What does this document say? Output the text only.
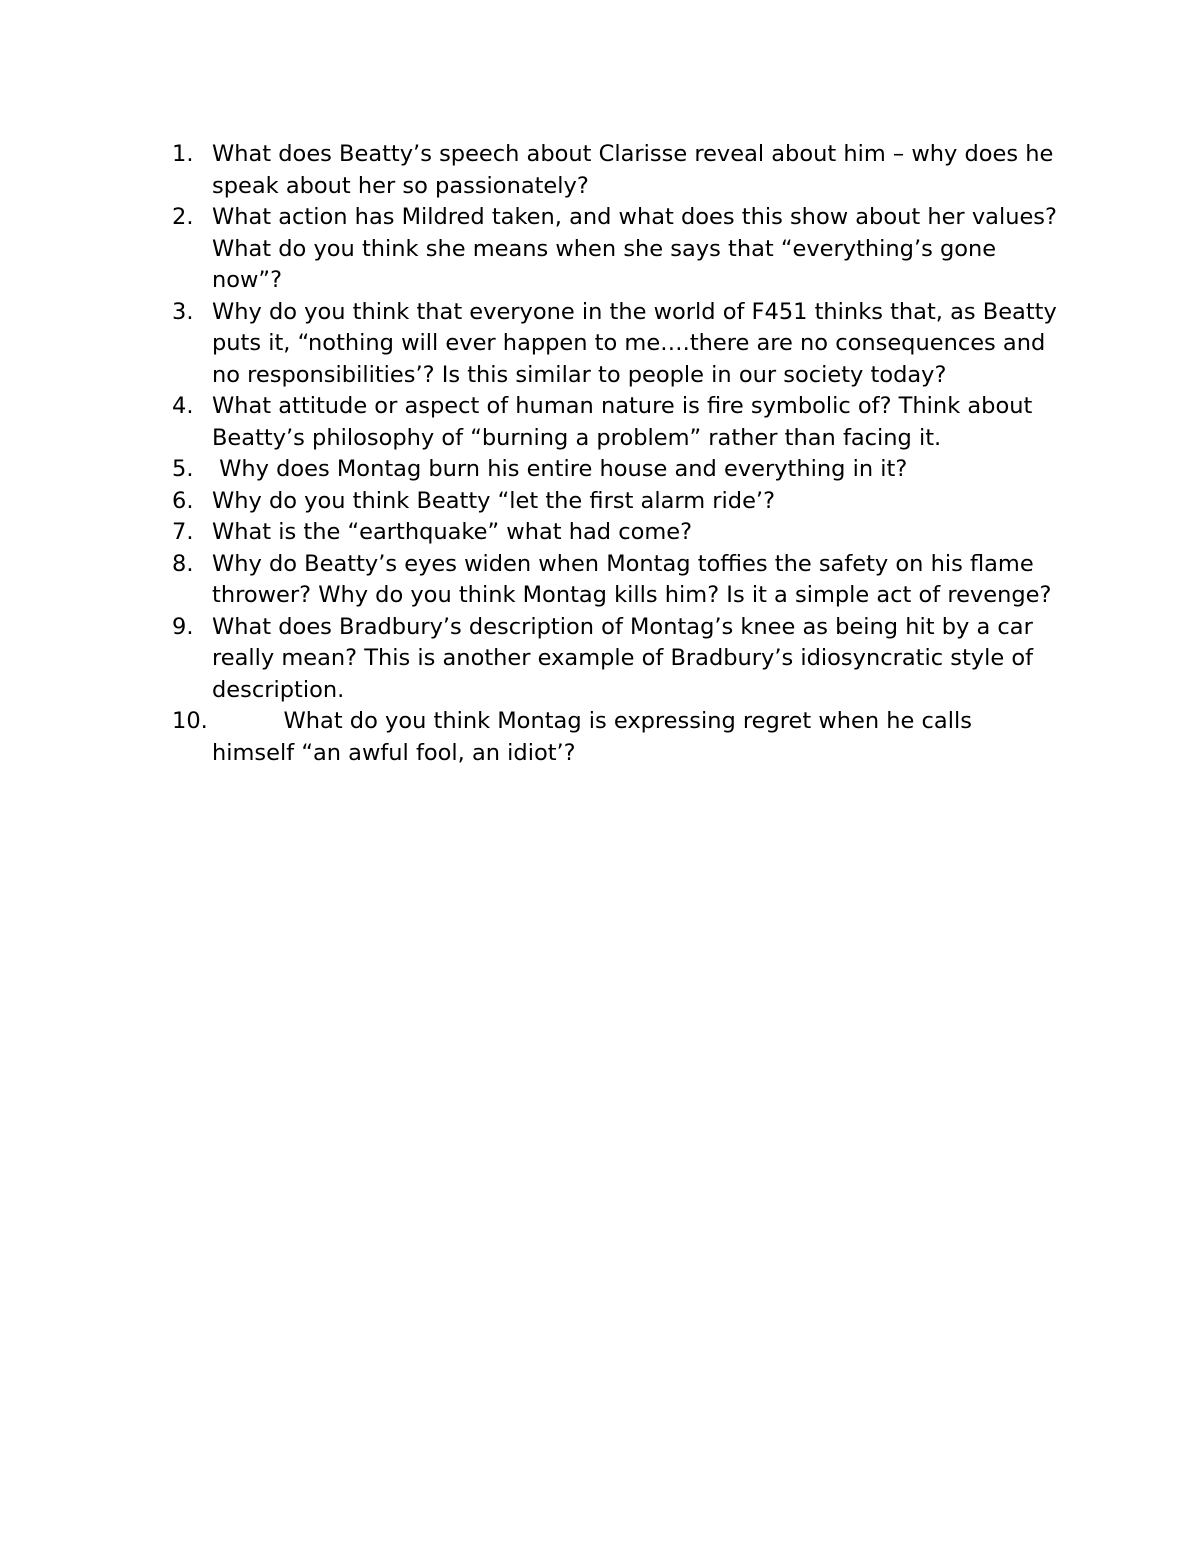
1. What does Beatty’s speech about Clarisse reveal about him – why does he speak about her so passionately?
2. What action has Mildred taken, and what does this show about her values? What do you think she means when she says that “everything’s gone now”?
3. Why do you think that everyone in the world of F451 thinks that, as Beatty puts it, “nothing will ever happen to me….there are no consequences and no responsibilities’? Is this similar to people in our society today?
4. What attitude or aspect of human nature is fire symbolic of? Think about Beatty’s philosophy of “burning a problem” rather than facing it.
5. Why does Montag burn his entire house and everything in it?
6. Why do you think Beatty “let the first alarm ride’?
7. What is the “earthquake” what had come?
8. Why do Beatty’s eyes widen when Montag toffies the safety on his flame thrower? Why do you think Montag kills him? Is it a simple act of revenge?
9. What does Bradbury’s description of Montag’s knee as being hit by a car really mean? This is another example of Bradbury’s idiosyncratic style of description.
10. What do you think Montag is expressing regret when he calls himself “an awful fool, an idiot’?
